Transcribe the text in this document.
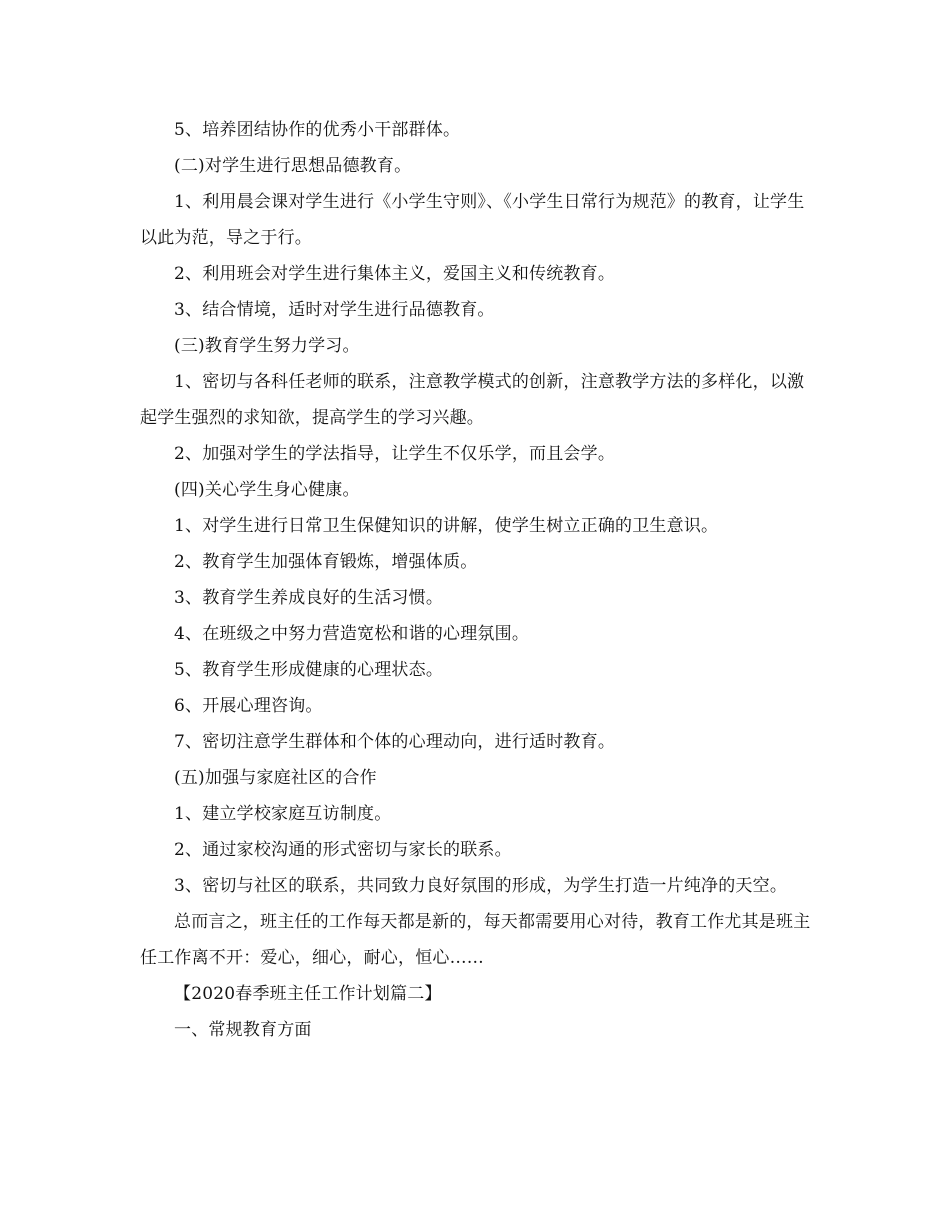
5、培养团结协作的优秀小干部群体。

(二)对学生进行思想品德教育。

1、利用晨会课对学生进行《小学生守则》、《小学生日常行为规范》的教育，让学生以此为范，导之于行。

2、利用班会对学生进行集体主义，爱国主义和传统教育。

3、结合情境，适时对学生进行品德教育。

(三)教育学生努力学习。

1、密切与各科任老师的联系，注意教学模式的创新，注意教学方法的多样化，以激起学生强烈的求知欲，提高学生的学习兴趣。

2、加强对学生的学法指导，让学生不仅乐学，而且会学。

(四)关心学生身心健康。

1、对学生进行日常卫生保健知识的讲解，使学生树立正确的卫生意识。

2、教育学生加强体育锻炼，增强体质。

3、教育学生养成良好的生活习惯。

4、在班级之中努力营造宽松和谐的心理氛围。

5、教育学生形成健康的心理状态。

6、开展心理咨询。

7、密切注意学生群体和个体的心理动向，进行适时教育。

(五)加强与家庭社区的合作

1、建立学校家庭互访制度。

2、通过家校沟通的形式密切与家长的联系。

3、密切与社区的联系，共同致力良好氛围的形成，为学生打造一片纯净的天空。

总而言之，班主任的工作每天都是新的，每天都需要用心对待，教育工作尤其是班主任工作离不开：爱心，细心，耐心，恒心……

【2020春季班主任工作计划篇二】

一、常规教育方面
